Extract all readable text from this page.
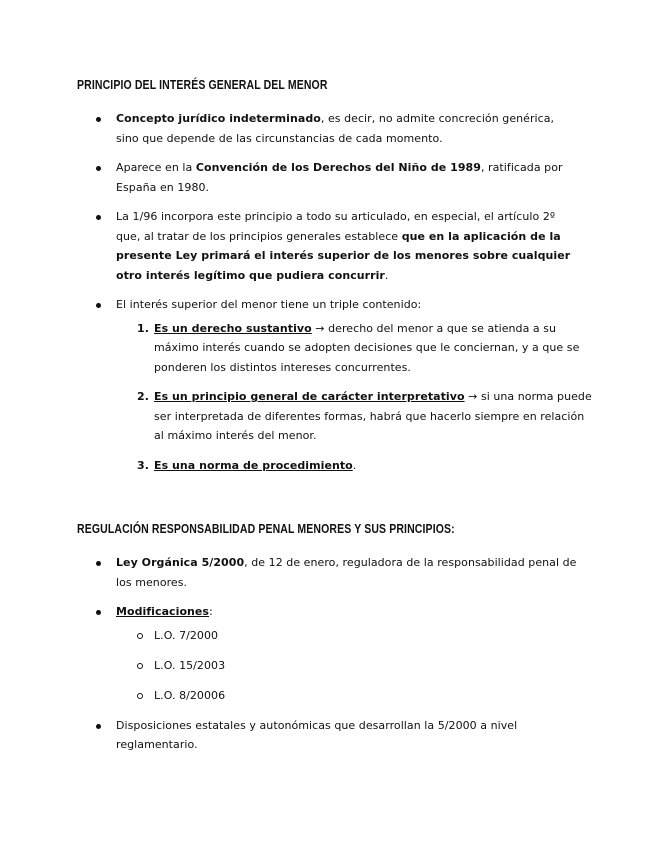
PRINCIPIO DEL INTERÉS GENERAL DEL MENOR
Concepto jurídico indeterminado, es decir, no admite concreción genérica, sino que depende de las circunstancias de cada momento.
Aparece en la Convención de los Derechos del Niño de 1989, ratificada por España en 1980.
La 1/96 incorpora este principio a todo su articulado, en especial, el artículo 2º que, al tratar de los principios generales establece que en la aplicación de la presente Ley primará el interés superior de los menores sobre cualquier otro interés legítimo que pudiera concurrir.
El interés superior del menor tiene un triple contenido:
1. Es un derecho sustantivo → derecho del menor a que se atienda a su máximo interés cuando se adopten decisiones que le conciernan, y a que se ponderen los distintos intereses concurrentes.
2. Es un principio general de carácter interpretativo → si una norma puede ser interpretada de diferentes formas, habrá que hacerlo siempre en relación al máximo interés del menor.
3. Es una norma de procedimiento.
REGULACIÓN RESPONSABILIDAD PENAL MENORES Y SUS PRINCIPIOS:
Ley Orgánica 5/2000, de 12 de enero, reguladora de la responsabilidad penal de los menores.
Modificaciones:
L.O. 7/2000
L.O. 15/2003
L.O. 8/20006
Disposiciones estatales y autonómicas que desarrollan la 5/2000 a nivel reglamentario.
